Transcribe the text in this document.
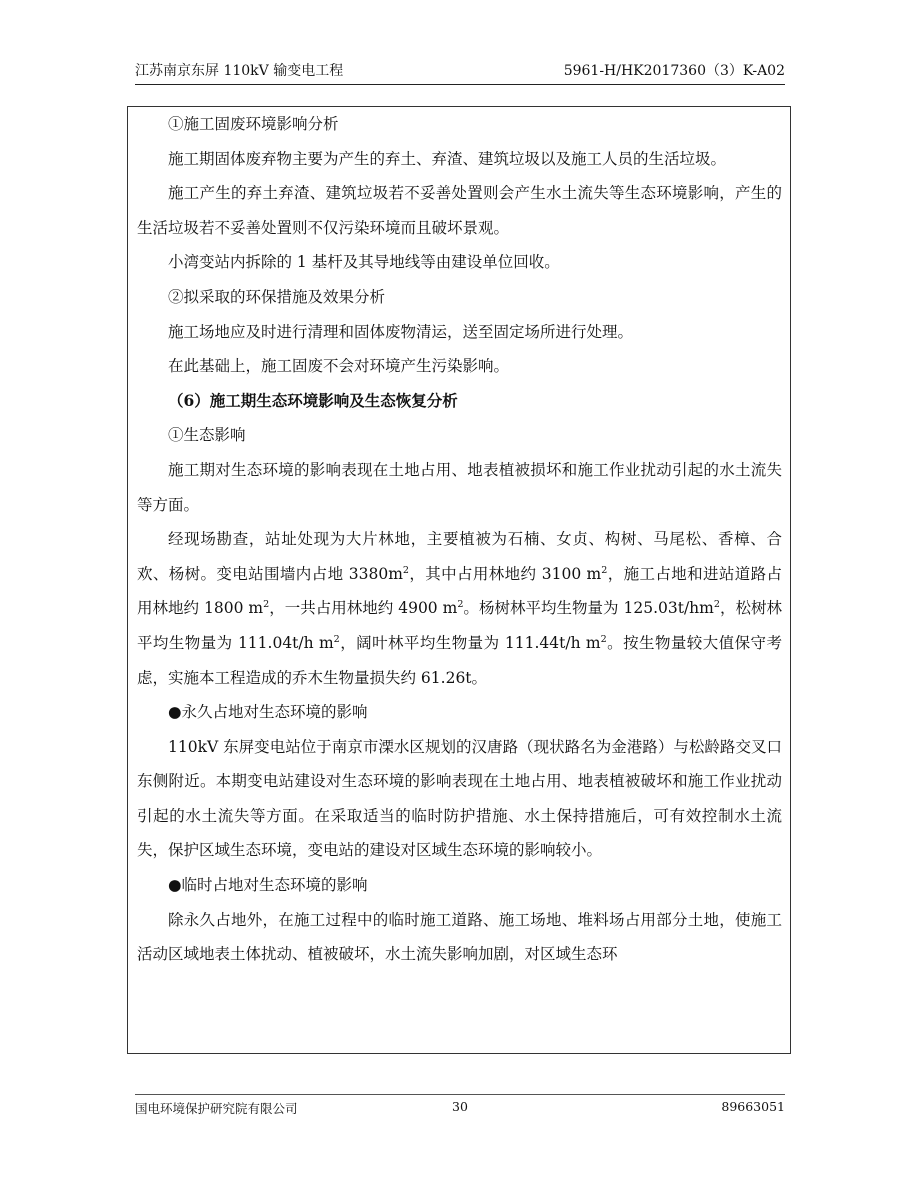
江苏南京东屏 110kV 输变电工程	5961-H/HK2017360（3）K-A02

①施工固废环境影响分析

施工期固体废弃物主要为产生的弃土、弃渣、建筑垃圾以及施工人员的生活垃圾。

施工产生的弃土弃渣、建筑垃圾若不妥善处置则会产生水土流失等生态环境影响，产生的生活垃圾若不妥善处置则不仅污染环境而且破坏景观。

小湾变站内拆除的 1 基杆及其导地线等由建设单位回收。

②拟采取的环保措施及效果分析

施工场地应及时进行清理和固体废物清运，送至固定场所进行处理。

在此基础上，施工固废不会对环境产生污染影响。

（6）施工期生态环境影响及生态恢复分析

①生态影响

施工期对生态环境的影响表现在土地占用、地表植被损坏和施工作业扰动引起的水土流失等方面。

经现场勘查，站址处现为大片林地，主要植被为石楠、女贞、构树、马尾松、香樟、合欢、杨树。变电站围墙内占地 $3380m^2$，其中占用林地约 3100 $m^2$，施工占地和进站道路占用林地约 1800 $m^2$，一共占用林地约 4900 $m^2$。杨树林平均生物量为 $125.03t/hm^2$，松树林平均生物量为 111.04t/h $m^2$，阔叶林平均生物量为 111.44t/h $m^2$。按生物量较大值保守考虑，实施本工程造成的乔木生物量损失约 61.26t。

●永久占地对生态环境的影响

110kV 东屏变电站位于南京市溧水区规划的汉唐路（现状路名为金港路）与松龄路交叉口东侧附近。本期变电站建设对生态环境的影响表现在土地占用、地表植被破坏和施工作业扰动引起的水土流失等方面。在采取适当的临时防护措施、水土保持措施后，可有效控制水土流失，保护区域生态环境，变电站的建设对区域生态环境的影响较小。

●临时占地对生态环境的影响

除永久占地外，在施工过程中的临时施工道路、施工场地、堆料场占用部分土地，使施工活动区域地表土体扰动、植被破坏，水土流失影响加剧，对区域生态环

国电环境保护研究院有限公司	30	89663051
